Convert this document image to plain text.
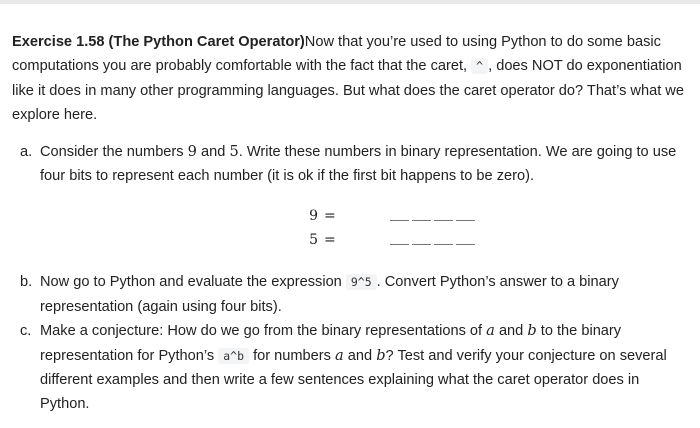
Exercise 1.58 (The Python Caret Operator)Now that you’re used to using Python to do some basic computations you are probably comfortable with the fact that the caret, ^ , does NOT do exponentiation like it does in many other programming languages. But what does the caret operator do? That’s what we explore here.

a. Consider the numbers 9 and 5. Write these numbers in binary representation. We are going to use four bits to represent each number (it is ok if the first bit happens to be zero).
9 =
5 =
b. Now go to Python and evaluate the expression 9^5 . Convert Python’s answer to a binary representation (again using four bits).
c. Make a conjecture: How do we go from the binary representations of a and b to the binary representation for Python’s a^b for numbers a and b? Test and verify your conjecture on several different examples and then write a few sentences explaining what the caret operator does in Python.
